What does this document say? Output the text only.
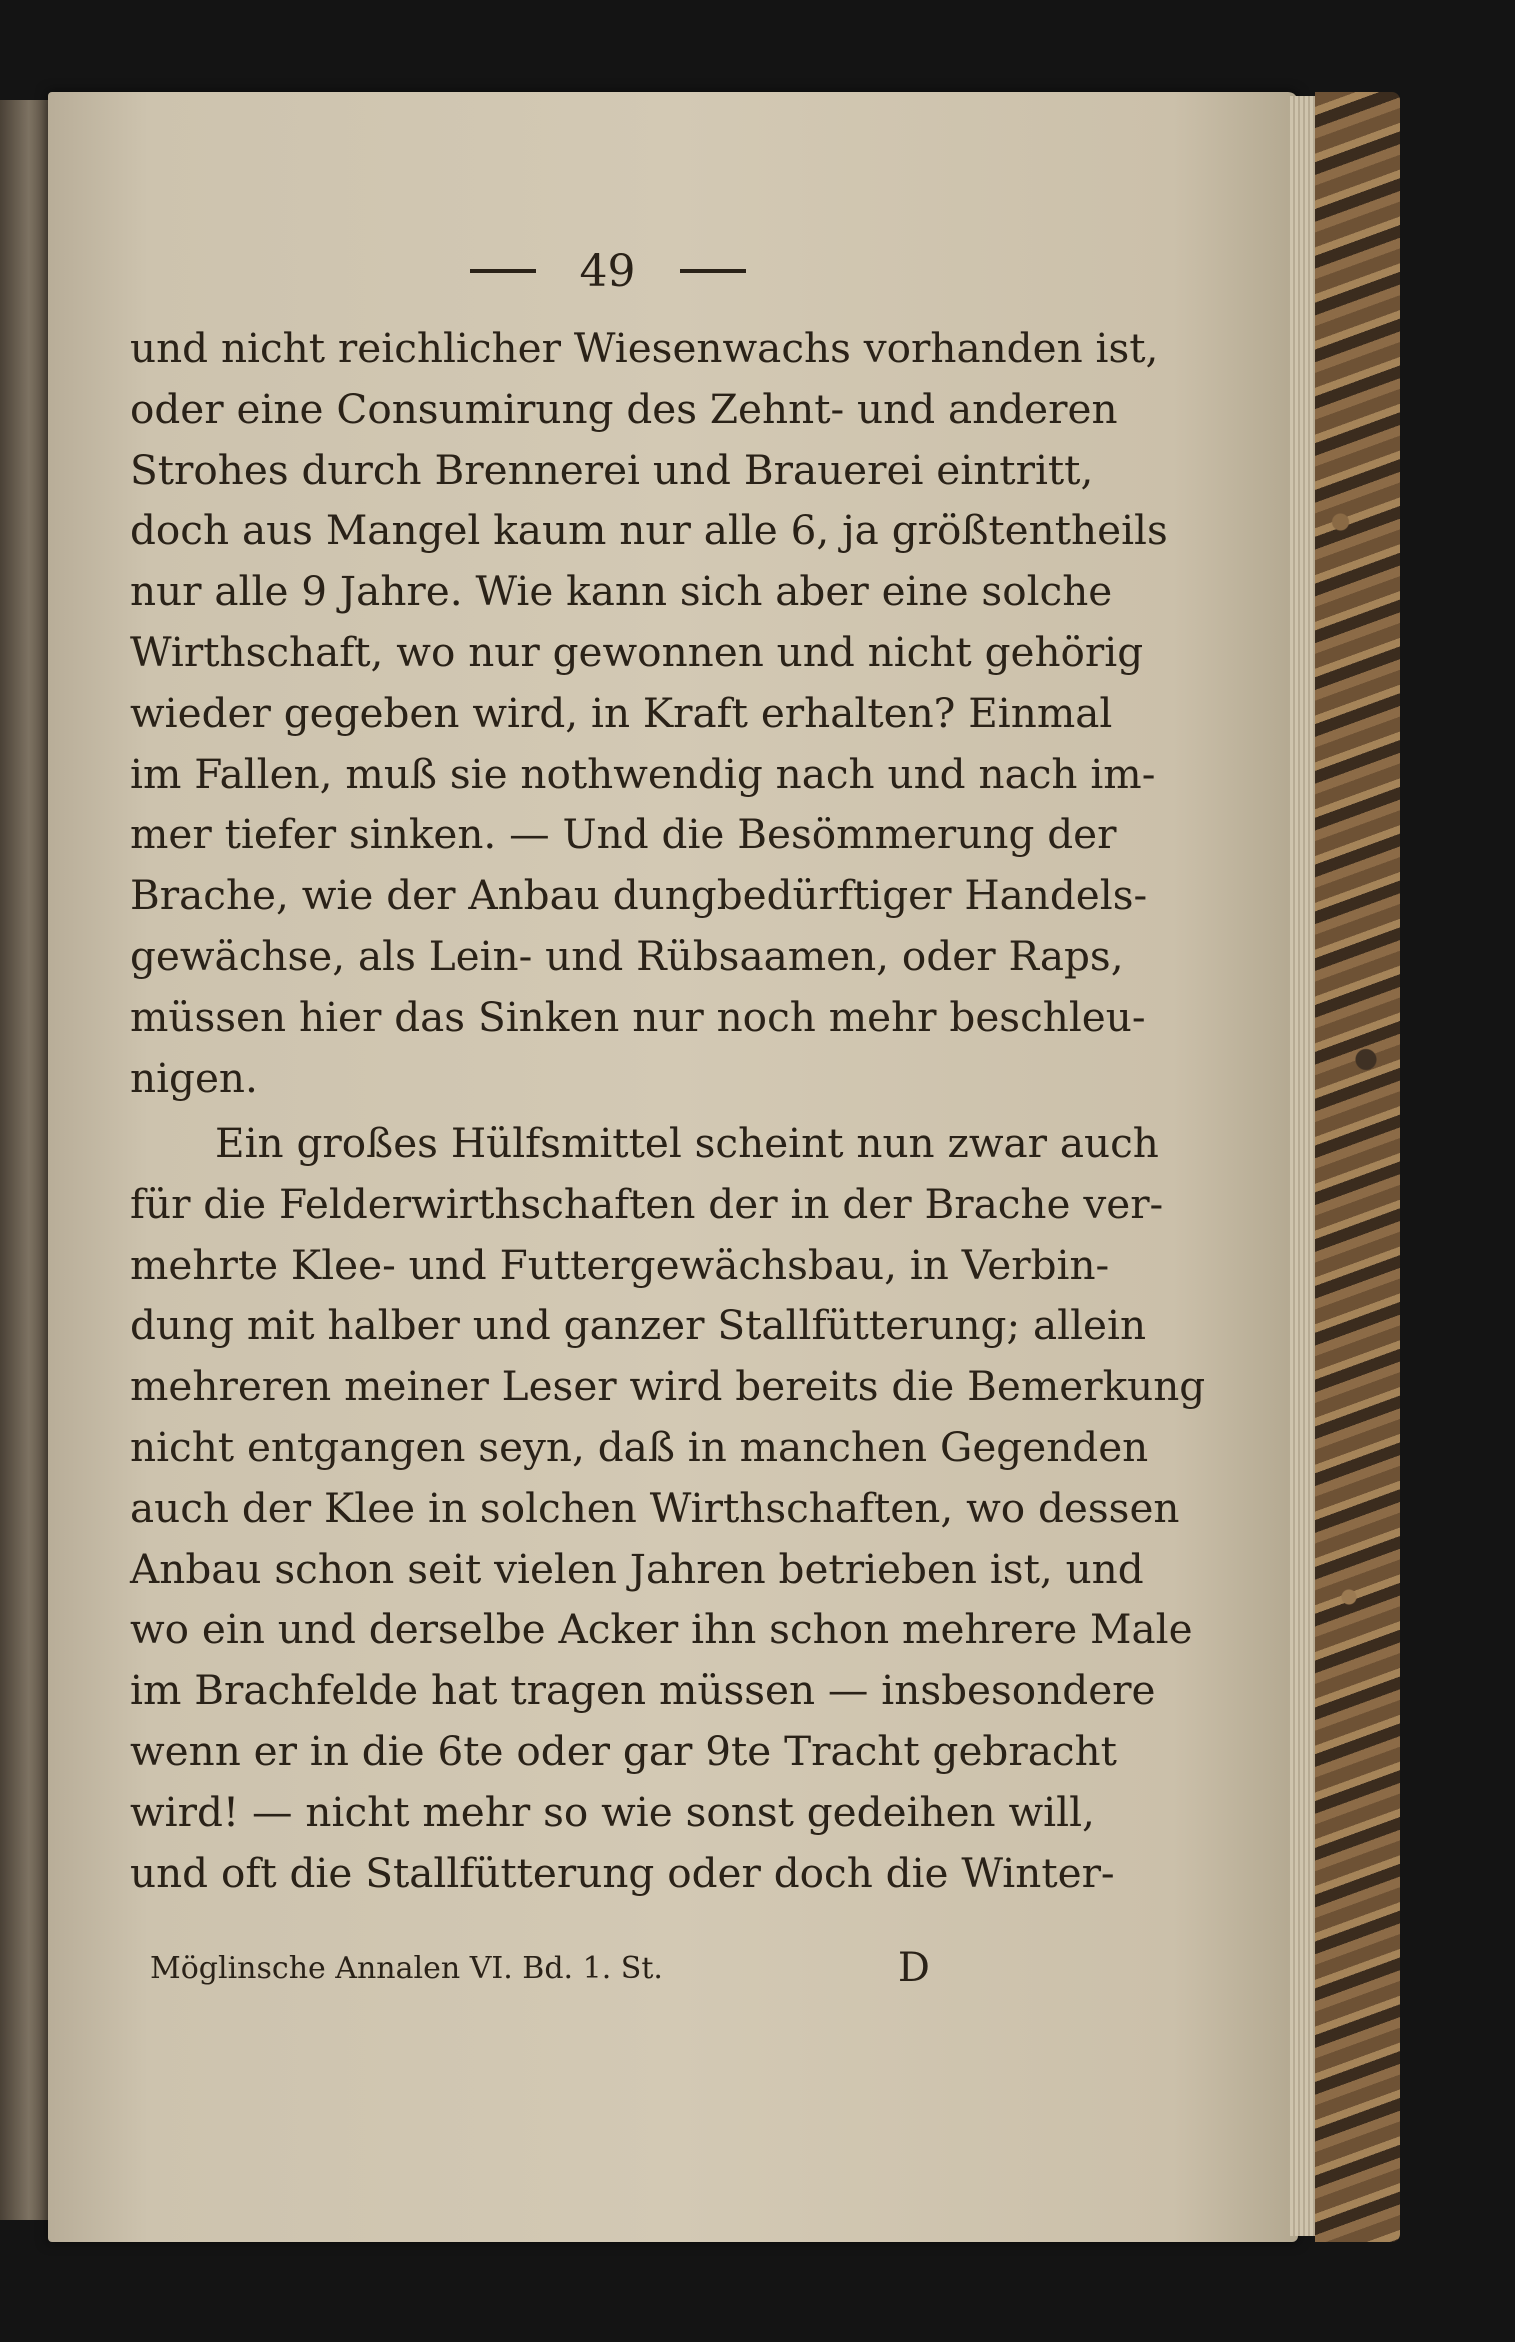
49
und nicht reichlicher Wiesenwachs vorhanden ist,
oder eine Consumirung des Zehnt- und anderen
Strohes durch Brennerei und Brauerei eintritt,
doch aus Mangel kaum nur alle 6, ja größtentheils
nur alle 9 Jahre. Wie kann sich aber eine solche
Wirthschaft, wo nur gewonnen und nicht gehörig
wieder gegeben wird, in Kraft erhalten? Einmal
im Fallen, muß sie nothwendig nach und nach im-
mer tiefer sinken. — Und die Besömmerung der
Brache, wie der Anbau dungbedürftiger Handels-
gewächse, als Lein- und Rübsaamen, oder Raps,
müssen hier das Sinken nur noch mehr beschleu-
nigen.
Ein großes Hülfsmittel scheint nun zwar auch
für die Felderwirthschaften der in der Brache ver-
mehrte Klee- und Futtergewächsbau, in Verbin-
dung mit halber und ganzer Stallfütterung; allein
mehreren meiner Leser wird bereits die Bemerkung
nicht entgangen seyn, daß in manchen Gegenden
auch der Klee in solchen Wirthschaften, wo dessen
Anbau schon seit vielen Jahren betrieben ist, und
wo ein und derselbe Acker ihn schon mehrere Male
im Brachfelde hat tragen müssen — insbesondere
wenn er in die 6te oder gar 9te Tracht gebracht
wird! — nicht mehr so wie sonst gedeihen will,
und oft die Stallfütterung oder doch die Winter-
Möglinsche Annalen VI. Bd. 1. St.	D
